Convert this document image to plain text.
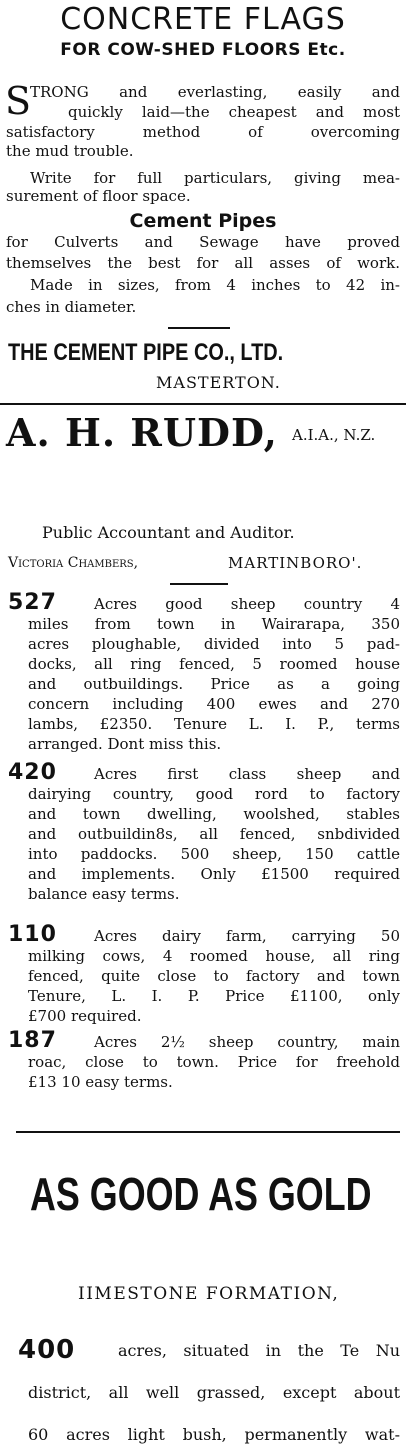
CONCRETE FLAGS
FOR COW-SHED FLOORS Etc.
S
TRONG and everlasting, easily and
quickly laid—the cheapest and most
satisfactory method of overcoming
the mud trouble.
Write for full particulars, giving mea-
surement of floor space.
Cement Pipes
for Culverts and Sewage have proved
themselves the best for all asses of work.
Made in sizes, from 4 inches to 42 in-
ches in diameter.
THE CEMENT PIPE CO., LTD.
MASTERTON.
A. H. RUDD, A.I.A., N.Z.
Public Accountant and Auditor.
Victoria Chambers,	MARTINBORO'.
527	Acres good sheep country 4
miles from town in Wairarapa, 350
acres ploughable, divided into 5 pad-
docks, all ring fenced, 5 roomed house
and outbuildings. Price as a going
concern including 400 ewes and 270
lambs, £2350. Tenure L. I. P., terms
arranged. Dont miss this.
420	Acres first class sheep and
dairying country, good rord to factory
and town dwelling, woolshed, stables
and outbuildin8s, all fenced, snbdivided
into paddocks. 500 sheep, 150 cattle
and implements. Only £1500 required
balance easy terms.
110	Acres dairy farm, carrying 50
milking cows, 4 roomed house, all ring
fenced, quite close to factory and town
Tenure, L. I. P. Price £1100, only
£700 required.
187	Acres 2½ sheep country, main
roac, close to town. Price for freehold
£13 10 easy terms.
AS GOOD AS GOLD
IIMESTONE FORMATION,
400	acres, situated in the Te Nu
district, all well grassed, except about
60 acres light bush, permanently wat-
